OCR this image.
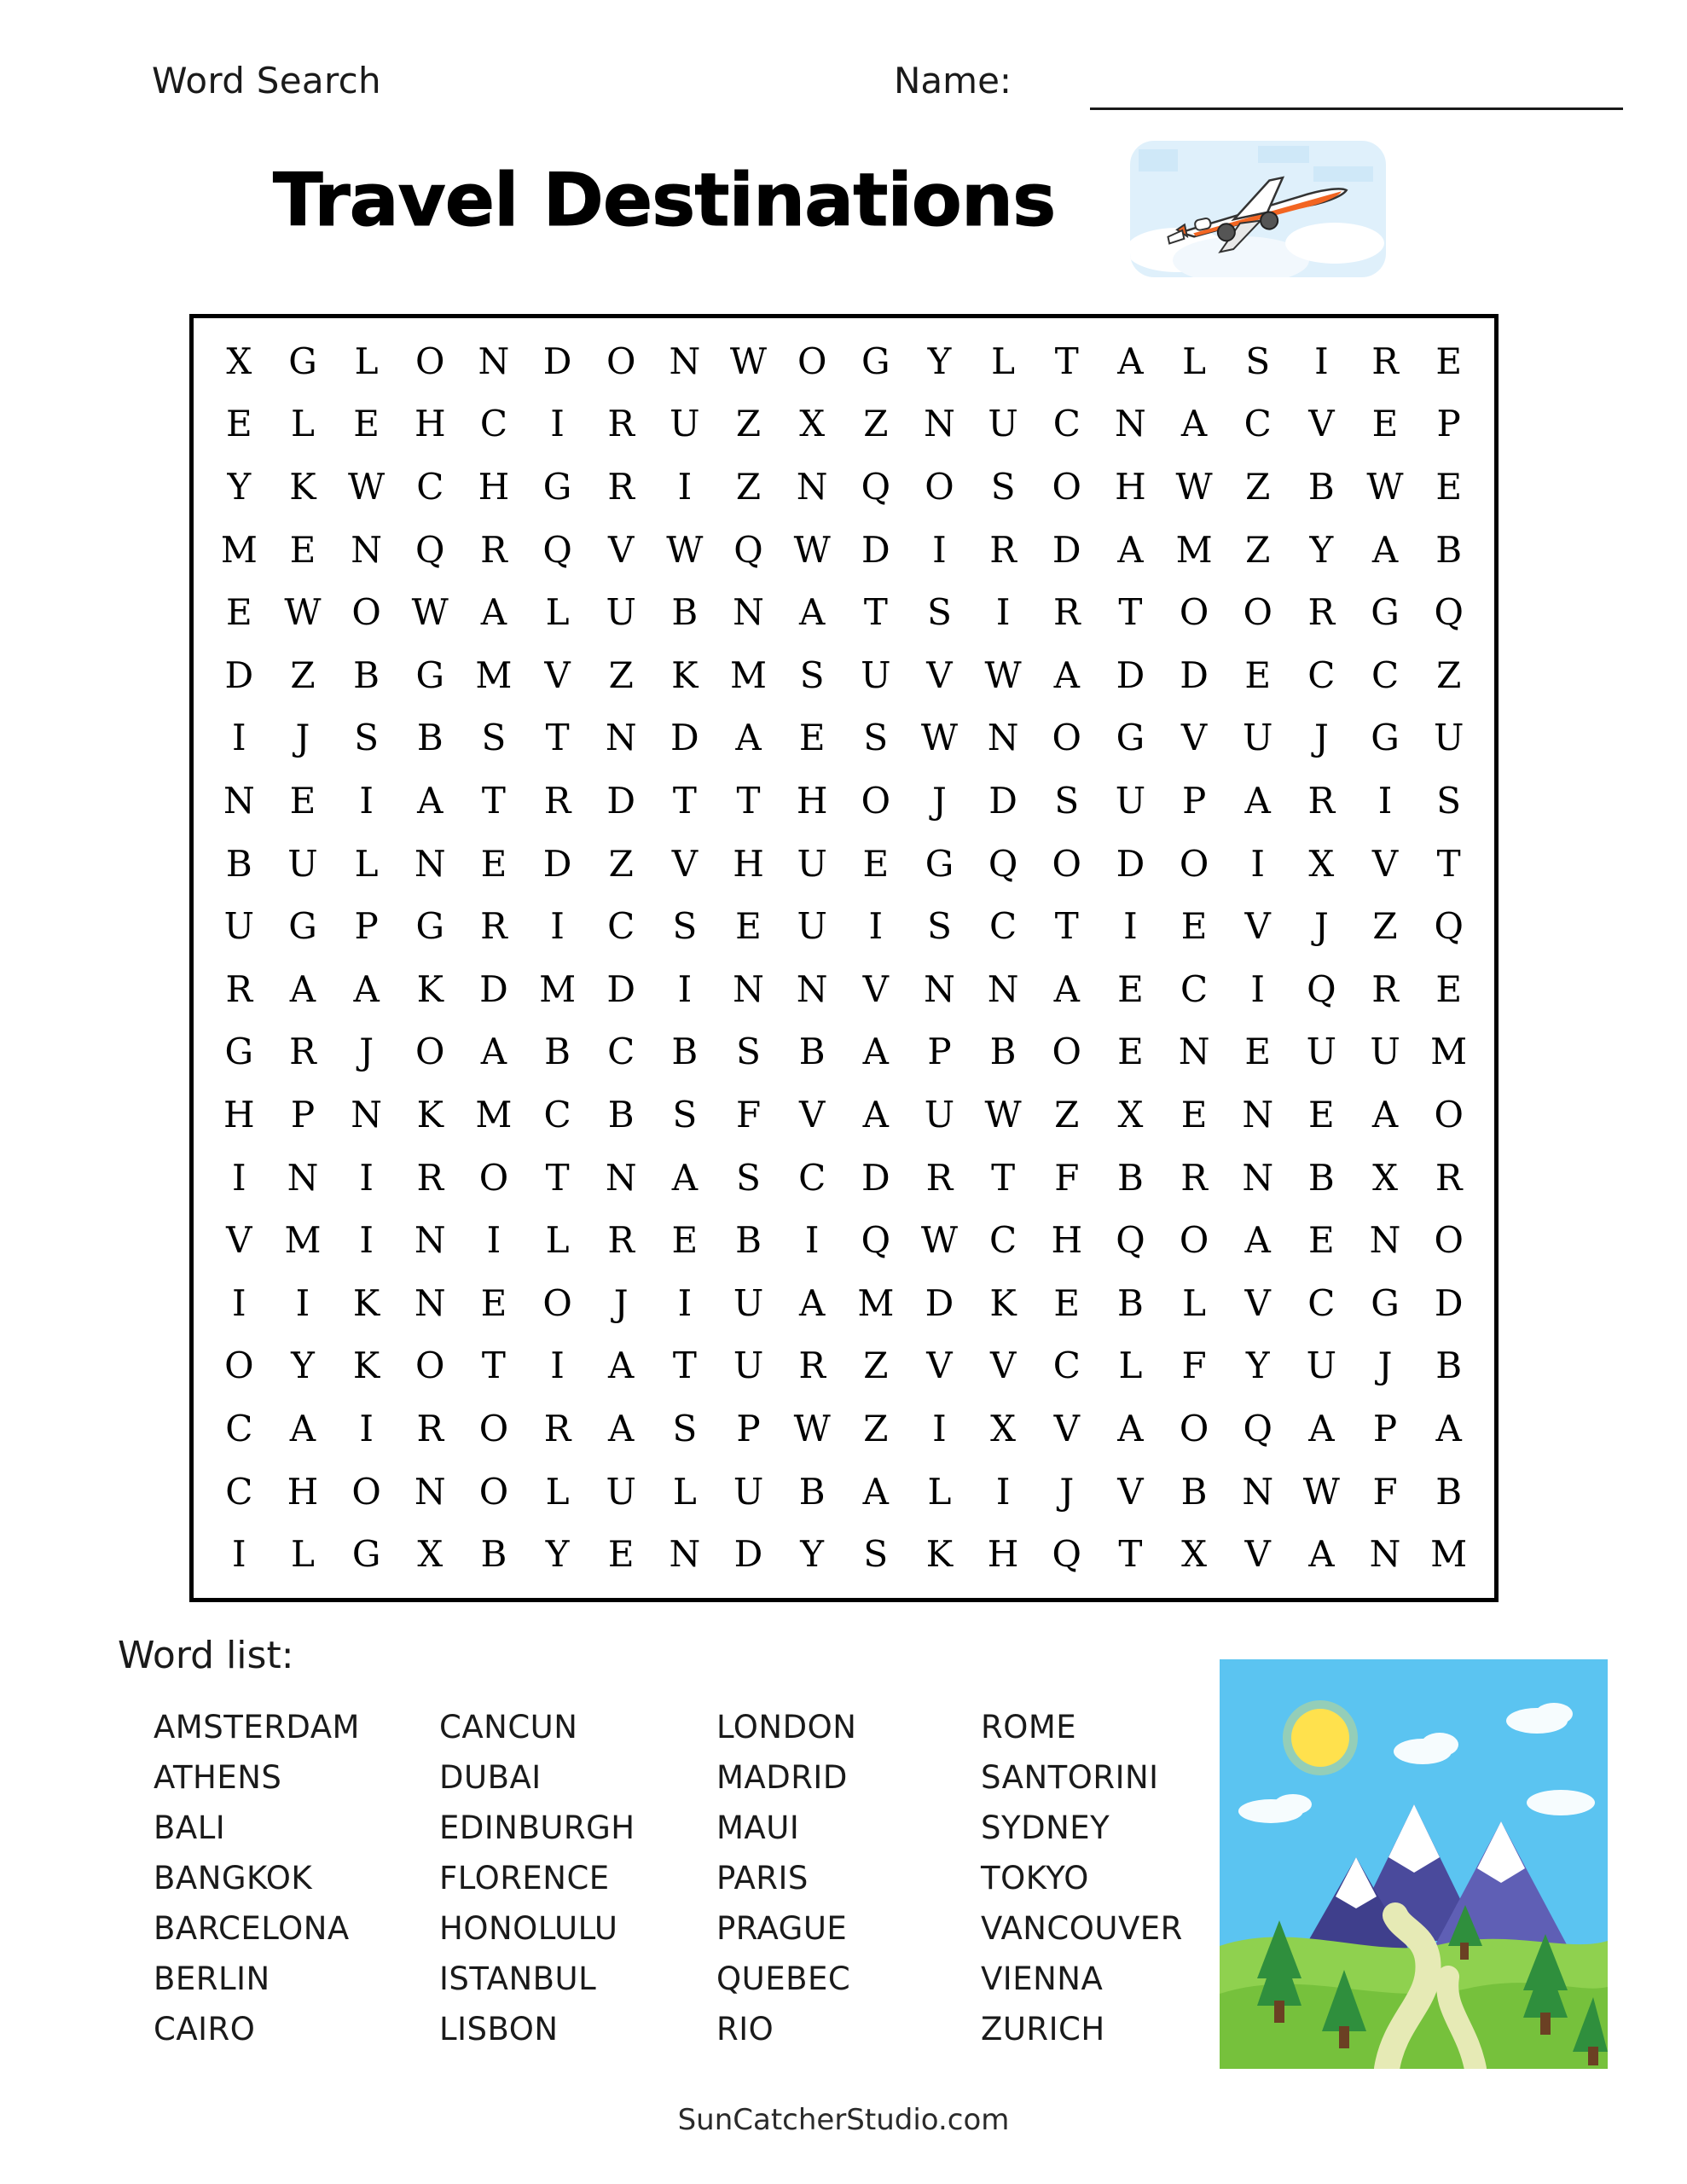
Word Search	Name:
Travel Destinations
X	G	L	O N D O N W O G	Y	L	T	A	L	S	I	R	E
E	L	E H C	I	R U	Z	X	Z N U C N A	C	V	E	P
Y	K W C H G	R	I	Z N Q O	S	O H W Z	B W E
M E N Q R Q	V W Q W D	I	R	D	A M Z	Y	A	B
E W O W A	L	U B N A	T	S	I	R	T	O O R	G Q
D	Z	B	G M V	Z	K M S	U V W A	D D	E	C	C	Z
I	J	S	B	S	T	N D	A	E	S W N O G	V U	J	G U
N E	I	A	T	R	D	T	T	H O	J	D	S	U	P	A	R	I	S
B U	L	N E	D	Z	V H U E	G Q O D O	I	X	V	T
U G	P	G	R	I	C	S	E U	I	S	C	T	I	E	V	J	Z	Q
R	A	A	K	D M D	I	N N V N N A	E	C	I	Q R	E
G	R	J	O	A	B	C	B	S	B	A	P	B	O	E N E U U M
H	P	N K M C	B	S	F	V	A U W Z	X	E N E	A	O
I	N	I	R O	T	N A	S	C D	R	T	F	B	R N B	X	R
V M	I	N	I	L	R	E	B	I	Q W C H Q O	A	E N O
I	I	K N E	O	J	I	U A M D	K	E	B	L	V	C G D
O	Y	K O	T	I	A	T	U R	Z	V	V	C	L	F	Y	U	J	B
C	A	I	R O R	A	S	P W Z	I	X	V	A	O Q	A	P	A
C H O N O	L	U	L	U B	A	L	I	J	V	B N W F	B
I	L	G	X	B	Y	E N D	Y	S	K H Q	T	X	V	A N M
Word list:
AMSTERDAM	CANCUN	LONDON	ROME
ATHENS	DUBAI	MADRID	SANTORINI
BALI	EDINBURGH	MAUI	SYDNEY
BANGKOK	FLORENCE	PARIS	TOKYO
BARCELONA	HONOLULU	PRAGUE	VANCOUVER
BERLIN	ISTANBUL	QUEBEC	VIENNA
CAIRO	LISBON	RIO	ZURICH
SunCatcherStudio.com
